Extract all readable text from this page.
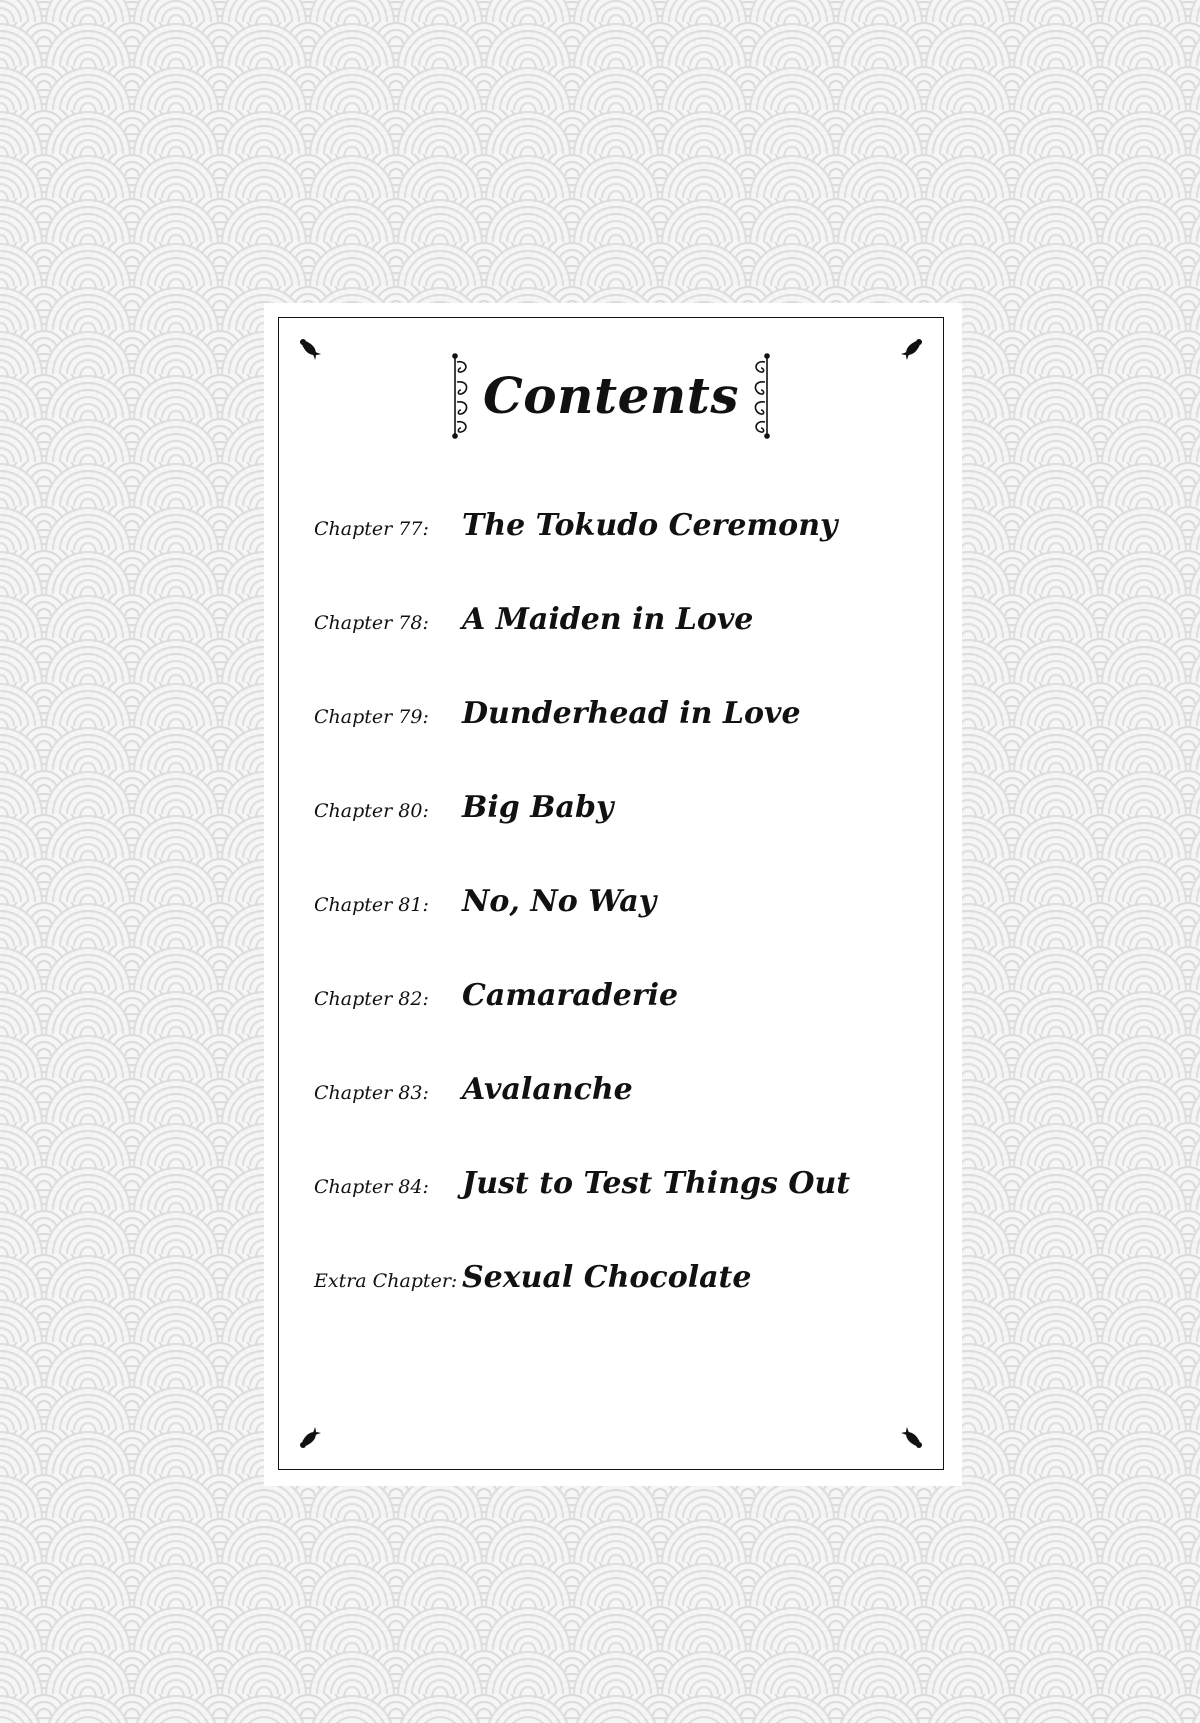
Contents
Chapter 77:	The Tokudo Ceremony
Chapter 78:	A Maiden in Love
Chapter 79:	Dunderhead in Love
Chapter 80:	Big Baby
Chapter 81:	No, No Way
Chapter 82:	Camaraderie
Chapter 83:	Avalanche
Chapter 84:	Just to Test Things Out
Extra Chapter: Sexual Chocolate
